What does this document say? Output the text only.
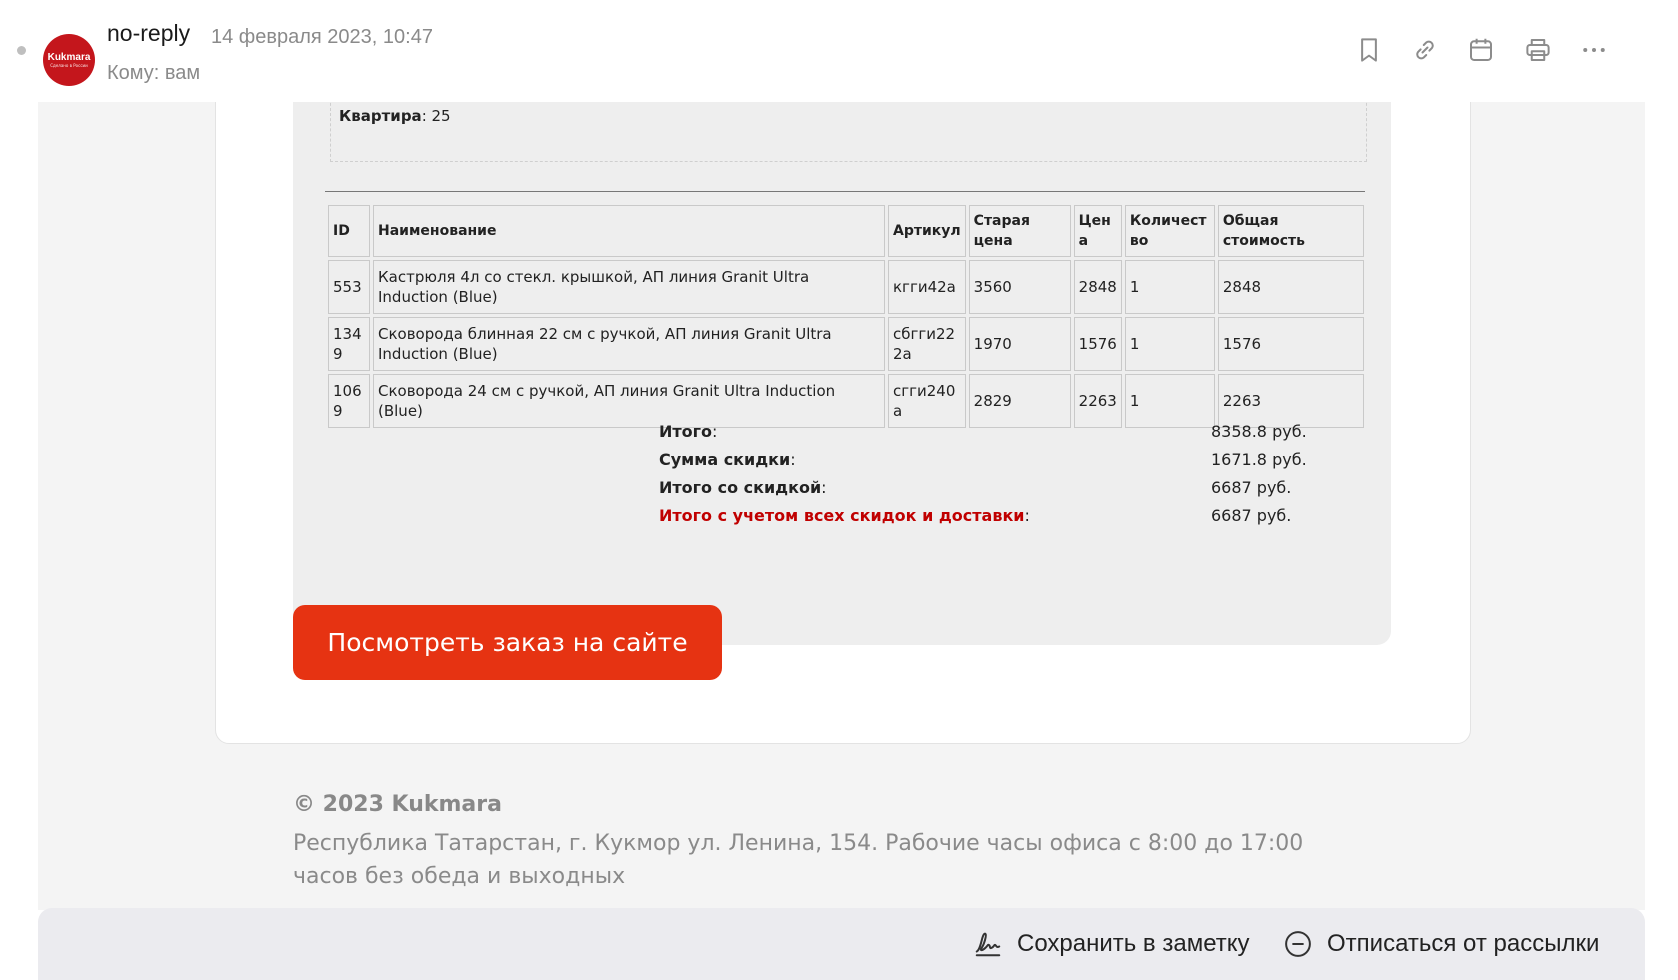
Kukmara
Сделано в России
no-reply 14 февраля 2023, 10:47
Кому: вам
Квартира: 25
ID	Наименование	Артикул	Старая цена	Цена	Количество	Общая стоимость
553	Кастрюля 4л со стекл. крышкой, АП линия Granit Ultra Induction (Blue)	кгги42а	3560	2848	1	2848
1349	Сковорода блинная 22 см с ручкой, АП линия Granit Ultra Induction (Blue)	сбгги222а	1970	1576	1	1576
1069	Сковорода 24 см с ручкой, АП линия Granit Ultra Induction (Blue)	сгги240а	2829	2263	1	2263
Итого:	8358.8 руб.
Сумма скидки:	1671.8 руб.
Итого со скидкой:	6687 руб.
Итого с учетом всех скидок и доставки:	6687 руб.
Посмотреть заказ на сайте
© 2023 Kukmara
Республика Татарстан, г. Кукмор ул. Ленина, 154. Рабочие часы офиса с 8:00 до 17:00 часов без обеда и выходных
Сохранить в заметку	Отписаться от рассылки
